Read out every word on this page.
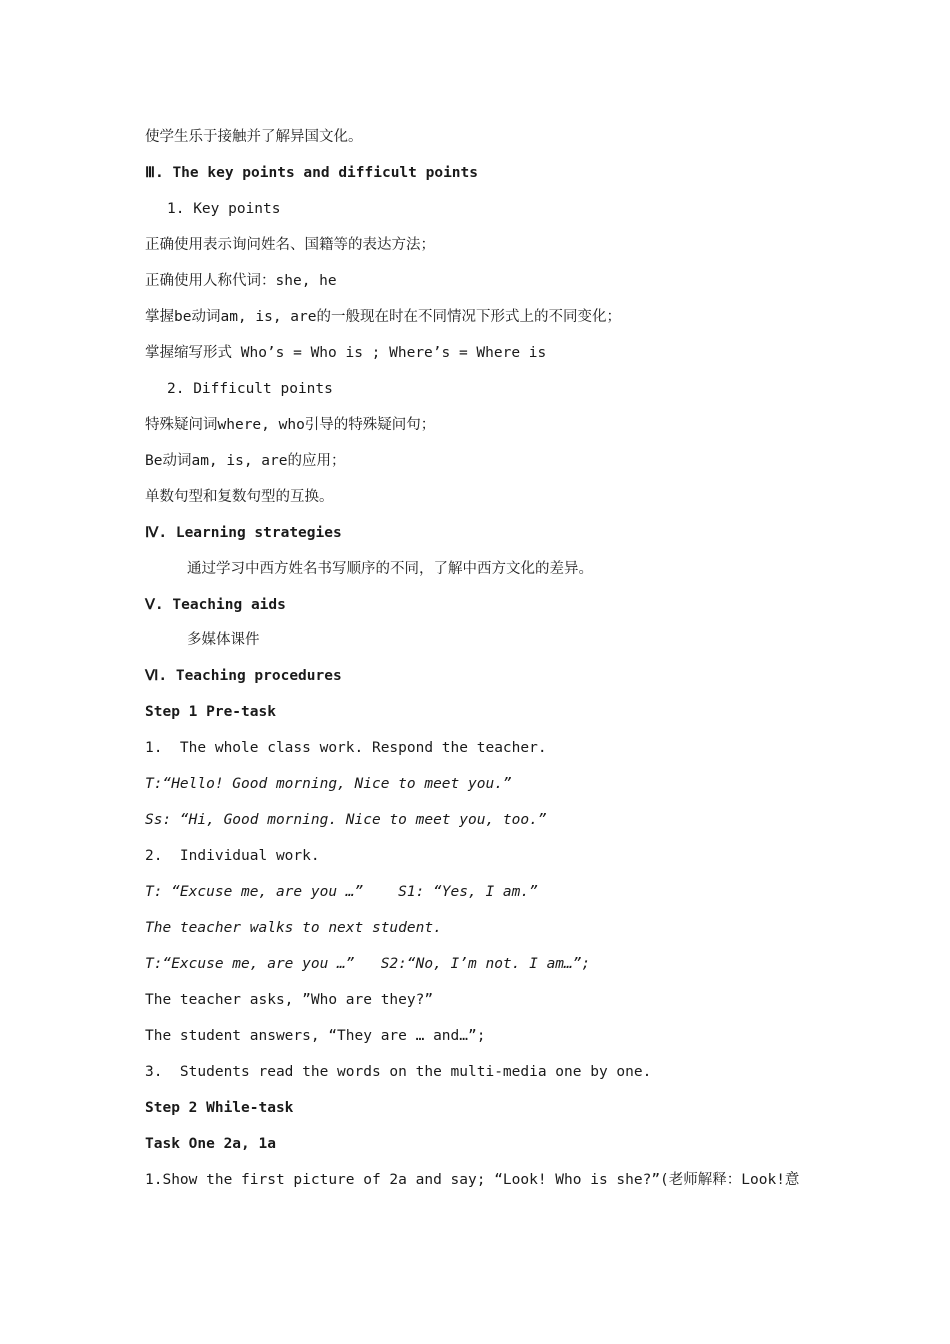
使学生乐于接触并了解异国文化。
Ⅲ. The key points and difficult points
1. Key points
正确使用表示询问姓名、国籍等的表达方法；
正确使用人称代词：she, he
掌握be动词am, is, are的一般现在时在不同情况下形式上的不同变化；
掌握缩写形式 Who’s = Who is ; Where’s = Where is
2. Difficult points
特殊疑问词where, who引导的特殊疑问句；
Be动词am, is, are的应用；
单数句型和复数句型的互换。
Ⅳ. Learning strategies
通过学习中西方姓名书写顺序的不同，了解中西方文化的差异。
Ⅴ. Teaching aids
多媒体课件
Ⅵ. Teaching procedures
Step 1 Pre-task
1.  The whole class work. Respond the teacher.
T:“Hello! Good morning, Nice to meet you.”
Ss: “Hi, Good morning. Nice to meet you, too.”
2.  Individual work.
T: “Excuse me, are you …”    S1: “Yes, I am.”
The teacher walks to next student.
T:“Excuse me, are you …”   S2:“No, I’m not. I am…”;
The teacher asks, ”Who are they?”
The student answers, “They are … and…”;
3.  Students read the words on the multi-media one by one.
Step 2 While-task
Task One 2a, 1a
1.Show the first picture of 2a and say; “Look! Who is she?”(老师解释：Look!意
